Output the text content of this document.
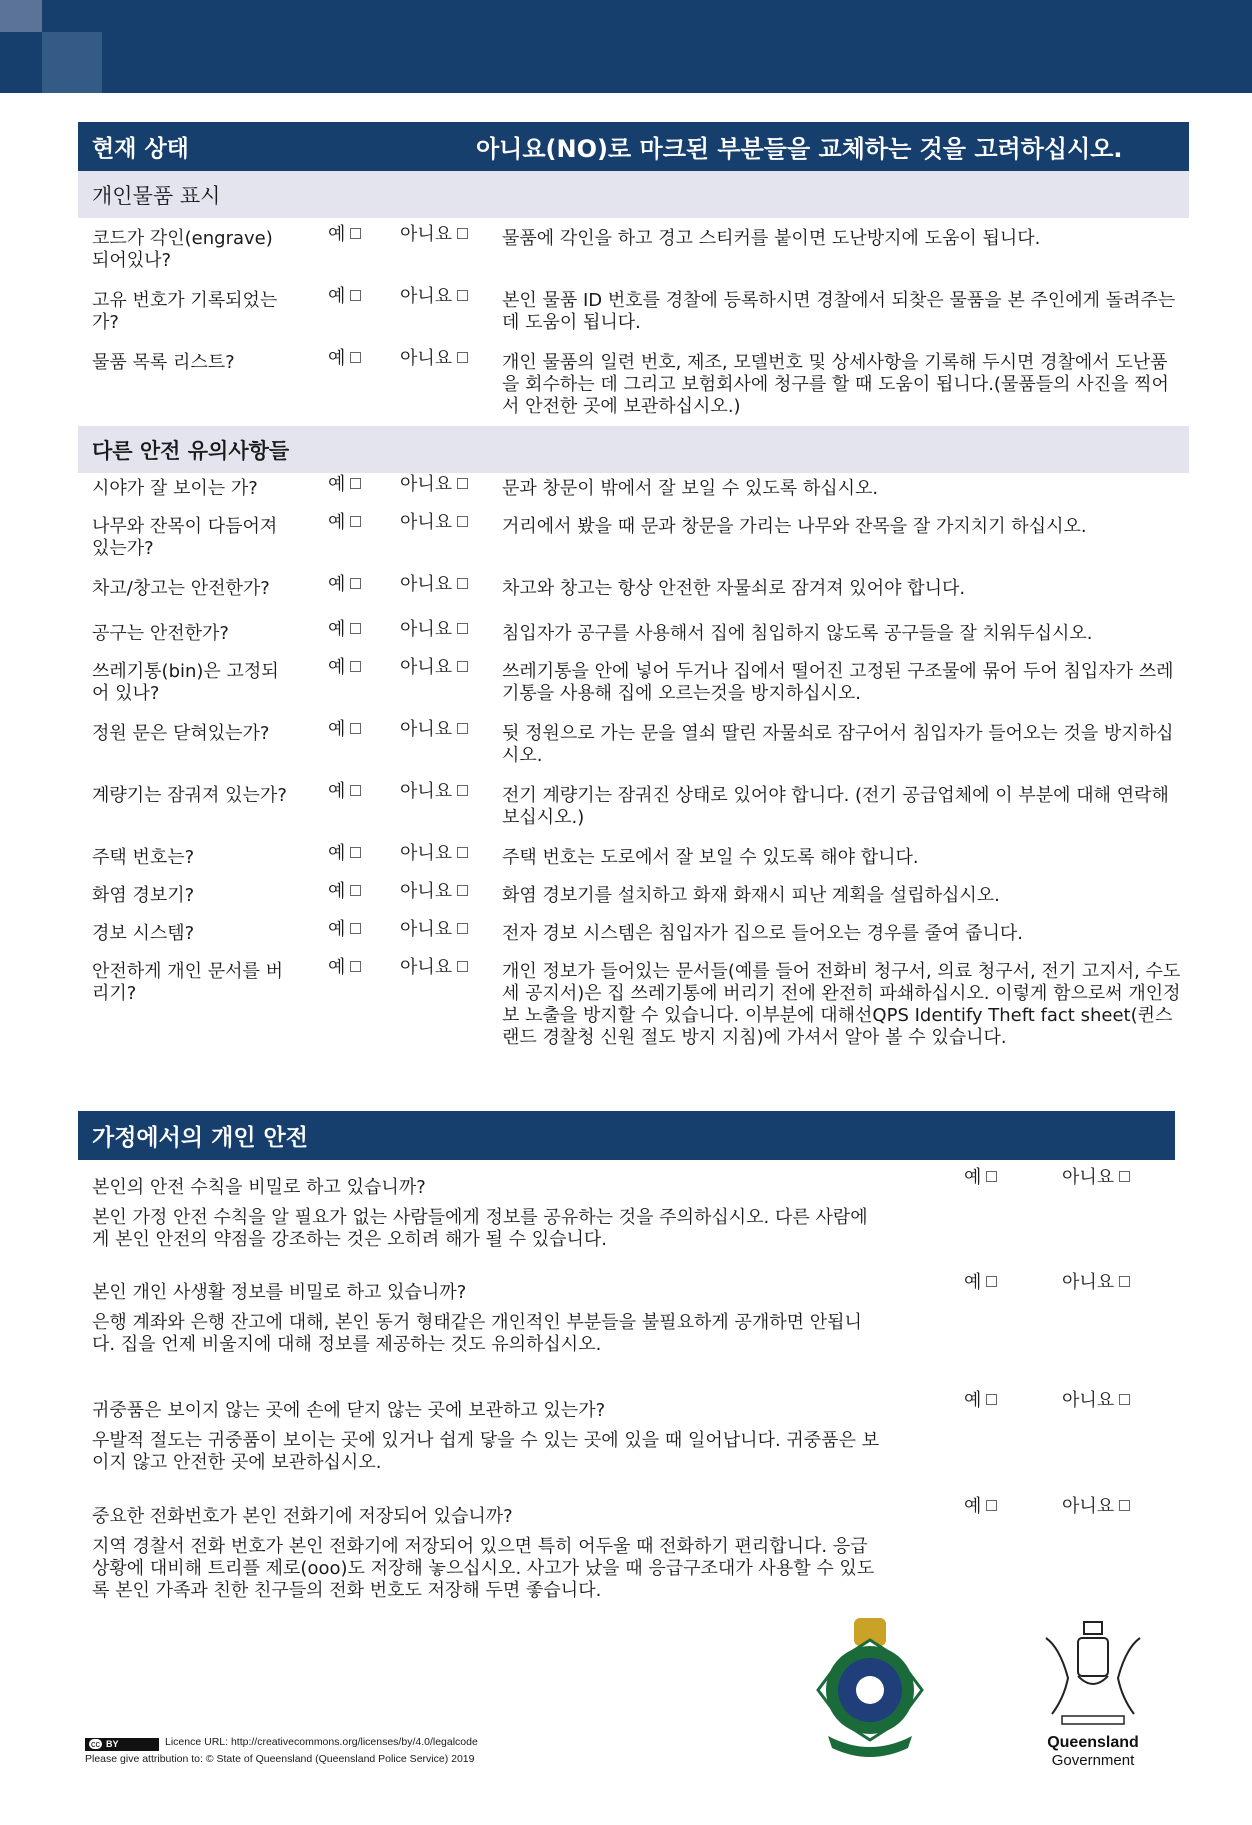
현재 상태	아니요(NO)로 마크된 부분들을 교체하는 것을 고려하십시오.
개인물품 표시
코드가 각인(engrave) 되어있나?
예	아니요	물품에 각인을 하고 경고 스티커를 붙이면 도난방지에 도움이 됩니다.
고유 번호가 기록되었는가?
예	아니요	본인 물품 ID 번호를 경찰에 등록하시면 경찰에서 되찾은 물품을 본 주인에게 돌려주는 데 도움이 됩니다.
물품 목록 리스트?	예	아니요	개인 물품의 일련 번호, 제조, 모델번호 및 상세사항을 기록해 두시면 경찰에서 도난품을 회수하는 데 그리고 보험회사에 청구를 할 때 도움이 됩니다.(물품들의 사진을 찍어서 안전한 곳에 보관하십시오.)
다른 안전 유의사항들
시야가 잘 보이는 가?	예	아니요	문과 창문이 밖에서 잘 보일 수 있도록 하십시오.
나무와 잔목이 다듬어져 있는가?
예	아니요	거리에서 봤을 때 문과 창문을 가리는 나무와 잔목을 잘 가지치기 하십시오.
차고/창고는 안전한가?	예	아니요	차고와 창고는 항상 안전한 자물쇠로 잠겨져 있어야 합니다.
공구는 안전한가?	예	아니요	침입자가 공구를 사용해서 집에 침입하지 않도록 공구들을 잘 치워두십시오.
쓰레기통(bin)은 고정되어 있나?
예	아니요	쓰레기통을 안에 넣어 두거나 집에서 떨어진 고정된 구조물에 묶어 두어 침입자가 쓰레기통을 사용해 집에 오르는것을 방지하십시오.
정원 문은 닫혀있는가?	예	아니요	뒷 정원으로 가는 문을 열쇠 딸린 자물쇠로 잠구어서 침입자가 들어오는 것을 방지하십시오.
계량기는 잠궈져 있는가? 예	아니요	전기 계량기는 잠궈진 상태로 있어야 합니다. (전기 공급업체에 이 부분에 대해 연락해 보십시오.)
주택 번호는?	예	아니요	주택 번호는 도로에서 잘 보일 수 있도록 해야 합니다.
화염 경보기?	예	아니요	화염 경보기를 설치하고 화재 화재시 피난 계획을 설립하십시오.
경보 시스템?	예	아니요	전자 경보 시스템은 침입자가 집으로 들어오는 경우를 줄여 줍니다.
안전하게 개인 문서를 버리기?
예	아니요	개인 정보가 들어있는 문서들(예를 들어 전화비 청구서, 의료 청구서, 전기 고지서, 수도세 공지서)은 집 쓰레기통에 버리기 전에 완전히 파쇄하십시오. 이렇게 함으로써 개인정보 노출을 방지할 수 있습니다. 이부분에 대해선QPS Identify Theft fact sheet(퀸스랜드 경찰청 신원 절도 방지 지침)에 가셔서 알아 볼 수 있습니다.
가정에서의 개인 안전
본인의 안전 수칙을 비밀로 하고 있습니까?
본인 가정 안전 수칙을 알 필요가 없는 사람들에게 정보를 공유하는 것을 주의하십시오. 다른 사람에게 본인 안전의 약점을 강조하는 것은 오히려 해가 될 수 있습니다.
예	아니요
본인 개인 사생활 정보를 비밀로 하고 있습니까?
은행 계좌와 은행 잔고에 대해, 본인 동거 형태같은 개인적인 부분들을 불필요하게 공개하면 안됩니다. 집을 언제 비울지에 대해 정보를 제공하는 것도 유의하십시오.
예	아니요
귀중품은 보이지 않는 곳에 손에 닫지 않는 곳에 보관하고 있는가?
우발적 절도는 귀중품이 보이는 곳에 있거나 쉽게 닿을 수 있는 곳에 있을 때 일어납니다. 귀중품은 보이지 않고 안전한 곳에 보관하십시오.
예	아니요
중요한 전화번호가 본인 전화기에 저장되어 있습니까?
지역 경찰서 전화 번호가 본인 전화기에 저장되어 있으면 특히 어두울 때 전화하기 편리합니다. 응급상황에 대비해 트리플 제로(ooo)도 저장해 놓으십시오. 사고가 났을 때 응급구조대가 사용할 수 있도록 본인 가족과 친한 친구들의 전화 번호도 저장해 두면 좋습니다.
예	아니요
cc BY	Licence URL: http://creativecommons.org/licenses/by/4.0/legalcode
Please give attribution to: © State of Queensland (Queensland Police Service) 2019
Queensland
Government
